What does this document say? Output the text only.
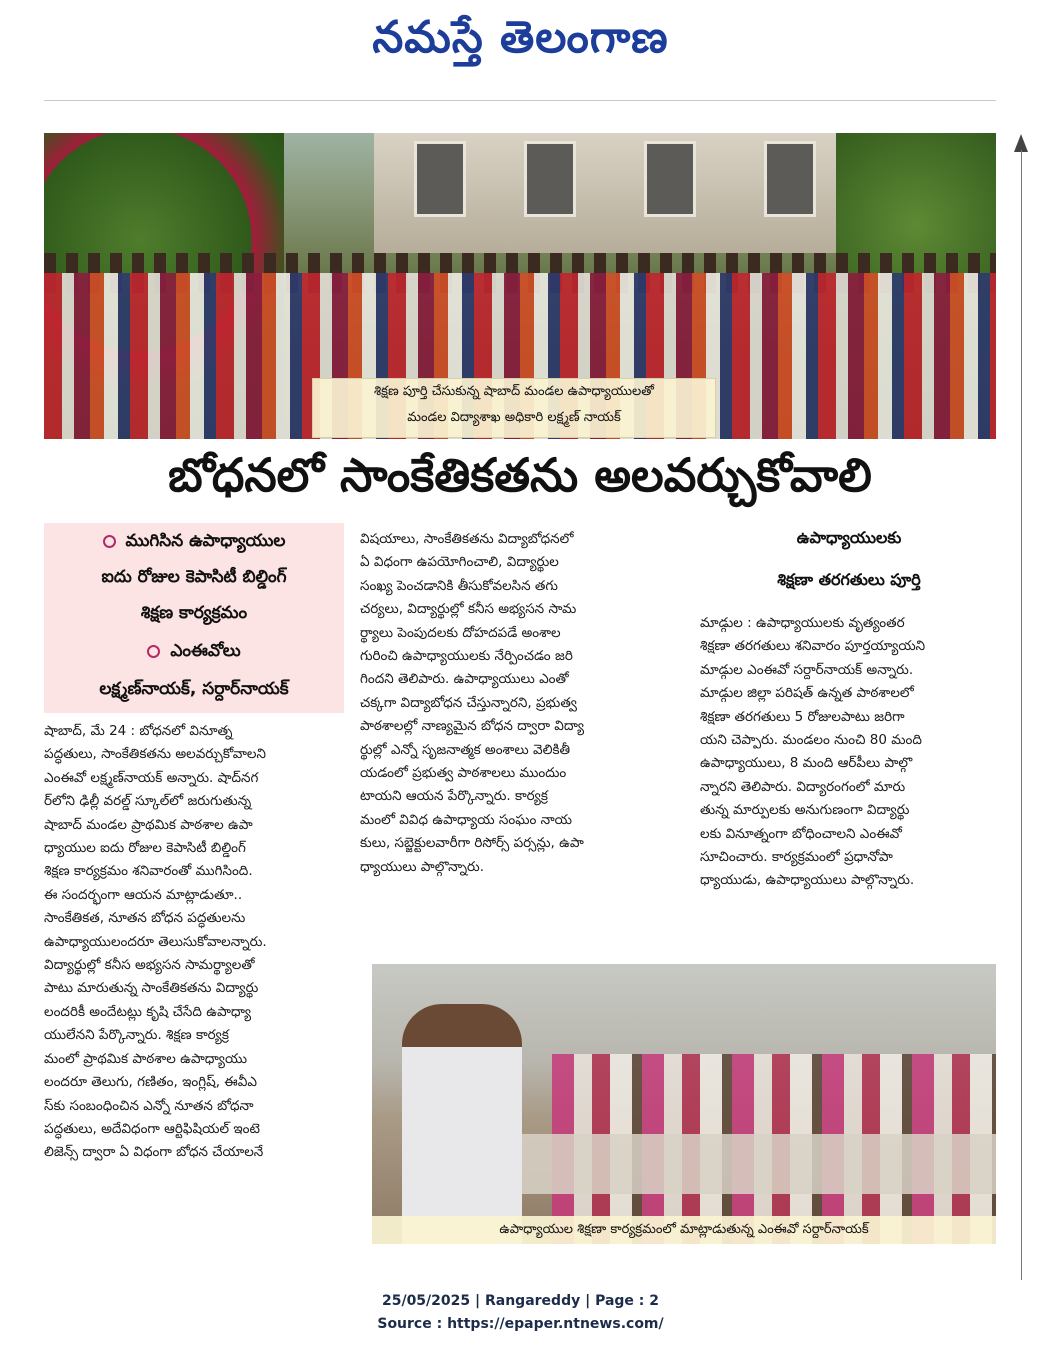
నమస్తే తెలంగాణ
శిక్షణ పూర్తి చేసుకున్న షాబాద్ మండల ఉపాధ్యాయులతో
మండల విద్యాశాఖ అధికారి లక్ష్మణ్ నాయక్
బోధనలో సాంకేతికతను అలవర్చుకోవాలి
ముగిసిన ఉపాధ్యాయుల
ఐదు రోజుల కెపాసిటీ బిల్డింగ్
శిక్షణ కార్యక్రమం
ఎంఈవోలు
లక్ష్మణ్‌నాయక్, సర్దార్‌నాయక్
షాబాద్, మే 24 : బోధనలో వినూత్న
పద్ధతులు, సాంకేతికతను అలవర్చుకోవాలని
ఎంఈవో లక్ష్మణ్‌నాయక్ అన్నారు. షాద్‌నగ
ర్‌లోని ఢిల్లీ వరల్డ్ స్కూల్‌లో జరుగుతున్న
షాబాద్ మండల ప్రాథమిక పాఠశాల ఉపా
ధ్యాయుల ఐదు రోజుల కెపాసిటీ బిల్డింగ్
శిక్షణ కార్యక్రమం శనివారంతో ముగిసింది.
ఈ సందర్భంగా ఆయన మాట్లాడుతూ..
సాంకేతికత, నూతన బోధన పద్ధతులను
ఉపాధ్యాయులందరూ తెలుసుకోవాలన్నారు.
విద్యార్థుల్లో కనీస అభ్యసన సామర్థ్యాలతో
పాటు మారుతున్న సాంకేతికతను విద్యార్థు
లందరికీ అందేటట్లు కృషి చేసేది ఉపాధ్యా
యులేనని పేర్కొన్నారు. శిక్షణ కార్యక్ర
మంలో ప్రాథమిక పాఠశాల ఉపాధ్యాయు
లందరూ తెలుగు, గణితం, ఇంగ్లిష్, ఈవీఎ
స్‌కు సంబంధించిన ఎన్నో నూతన బోధనా
పద్ధతులు, అదేవిధంగా ఆర్టిఫిషియల్ ఇంటె
లిజెన్స్ ద్వారా ఏ విధంగా బోధన చేయాలనే
విషయాలు, సాంకేతికతను విద్యాబోధనలో
ఏ విధంగా ఉపయోగించాలి, విద్యార్థుల
సంఖ్య పెంచడానికి తీసుకోవలసిన తగు
చర్యలు, విద్యార్థుల్లో కనీస అభ్యసన సామ
ర్థ్యాలు పెంపుదలకు దోహదపడే అంశాల
గురించి ఉపాధ్యాయులకు నేర్పించడం జరి
గిందని తెలిపారు. ఉపాధ్యాయులు ఎంతో
చక్కగా విద్యాబోధన చేస్తున్నారని, ప్రభుత్వ
పాఠశాలల్లో నాణ్యమైన బోధన ద్వారా విద్యా
ర్థుల్లో ఎన్నో సృజనాత్మక అంశాలు వెలికితీ
యడంలో ప్రభుత్వ పాఠశాలలు ముందుం
టాయని ఆయన పేర్కొన్నారు. కార్యక్ర
మంలో వివిధ ఉపాధ్యాయ సంఘం నాయ
కులు, సబ్జెక్టులవారీగా రిసోర్స్ పర్సన్లు, ఉపా
ధ్యాయులు పాల్గొన్నారు.
ఉపాధ్యాయులకు
శిక్షణా తరగతులు పూర్తి
మాడ్గుల : ఉపాధ్యాయులకు వృత్యంతర
శిక్షణా తరగతులు శనివారం పూర్తయ్యాయని
మాడ్గుల ఎంఈవో సర్దార్‌నాయక్ అన్నారు.
మాడ్గుల జిల్లా పరిషత్ ఉన్నత పాఠశాలలో
శిక్షణా తరగతులు 5 రోజులపాటు జరిగా
యని చెప్పారు. మండలం నుంచి 80 మంది
ఉపాధ్యాయులు, 8 మంది ఆర్‌పీలు పాల్గొ
న్నారని తెలిపారు. విద్యారంగంలో మారు
తున్న మార్పులకు అనుగుణంగా విద్యార్థు
లకు వినూత్నంగా బోధించాలని ఎంఈవో
సూచించారు. కార్యక్రమంలో ప్రధానోపా
ధ్యాయుడు, ఉపాధ్యాయులు పాల్గొన్నారు.
ఉపాధ్యాయుల శిక్షణా కార్యక్రమంలో మాట్లాడుతున్న ఎంఈవో సర్దార్‌నాయక్
25/05/2025 | Rangareddy | Page : 2
Source : https://epaper.ntnews.com/
